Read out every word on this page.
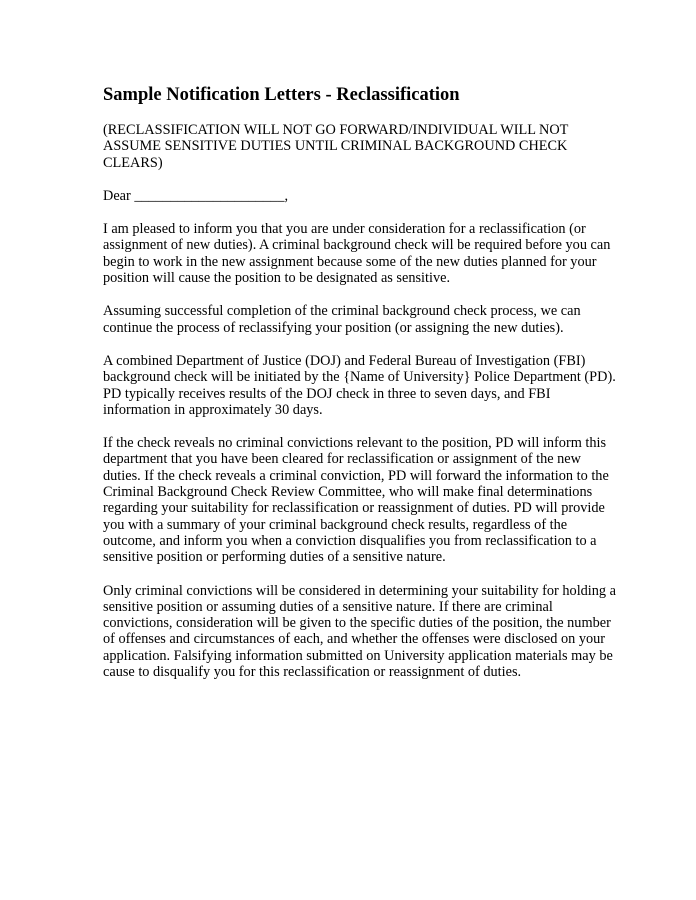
Sample Notification Letters - Reclassification
(RECLASSIFICATION WILL NOT GO FORWARD/INDIVIDUAL WILL NOT
ASSUME SENSITIVE DUTIES UNTIL CRIMINAL BACKGROUND CHECK
CLEARS)
Dear _____________________,
I am pleased to inform you that you are under consideration for a reclassification (or
assignment of new duties). A criminal background check will be required before you can
begin to work in the new assignment because some of the new duties planned for your
position will cause the position to be designated as sensitive.
Assuming successful completion of the criminal background check process, we can
continue the process of reclassifying your position (or assigning the new duties).
A combined Department of Justice (DOJ) and Federal Bureau of Investigation (FBI)
background check will be initiated by the {Name of University} Police Department (PD).
PD typically receives results of the DOJ check in three to seven days, and FBI
information in approximately 30 days.
If the check reveals no criminal convictions relevant to the position, PD will inform this
department that you have been cleared for reclassification or assignment of the new
duties. If the check reveals a criminal conviction, PD will forward the information to the
Criminal Background Check Review Committee, who will make final determinations
regarding your suitability for reclassification or reassignment of duties. PD will provide
you with a summary of your criminal background check results, regardless of the
outcome, and inform you when a conviction disqualifies you from reclassification to a
sensitive position or performing duties of a sensitive nature.
Only criminal convictions will be considered in determining your suitability for holding a
sensitive position or assuming duties of a sensitive nature. If there are criminal
convictions, consideration will be given to the specific duties of the position, the number
of offenses and circumstances of each, and whether the offenses were disclosed on your
application. Falsifying information submitted on University application materials may be
cause to disqualify you for this reclassification or reassignment of duties.
